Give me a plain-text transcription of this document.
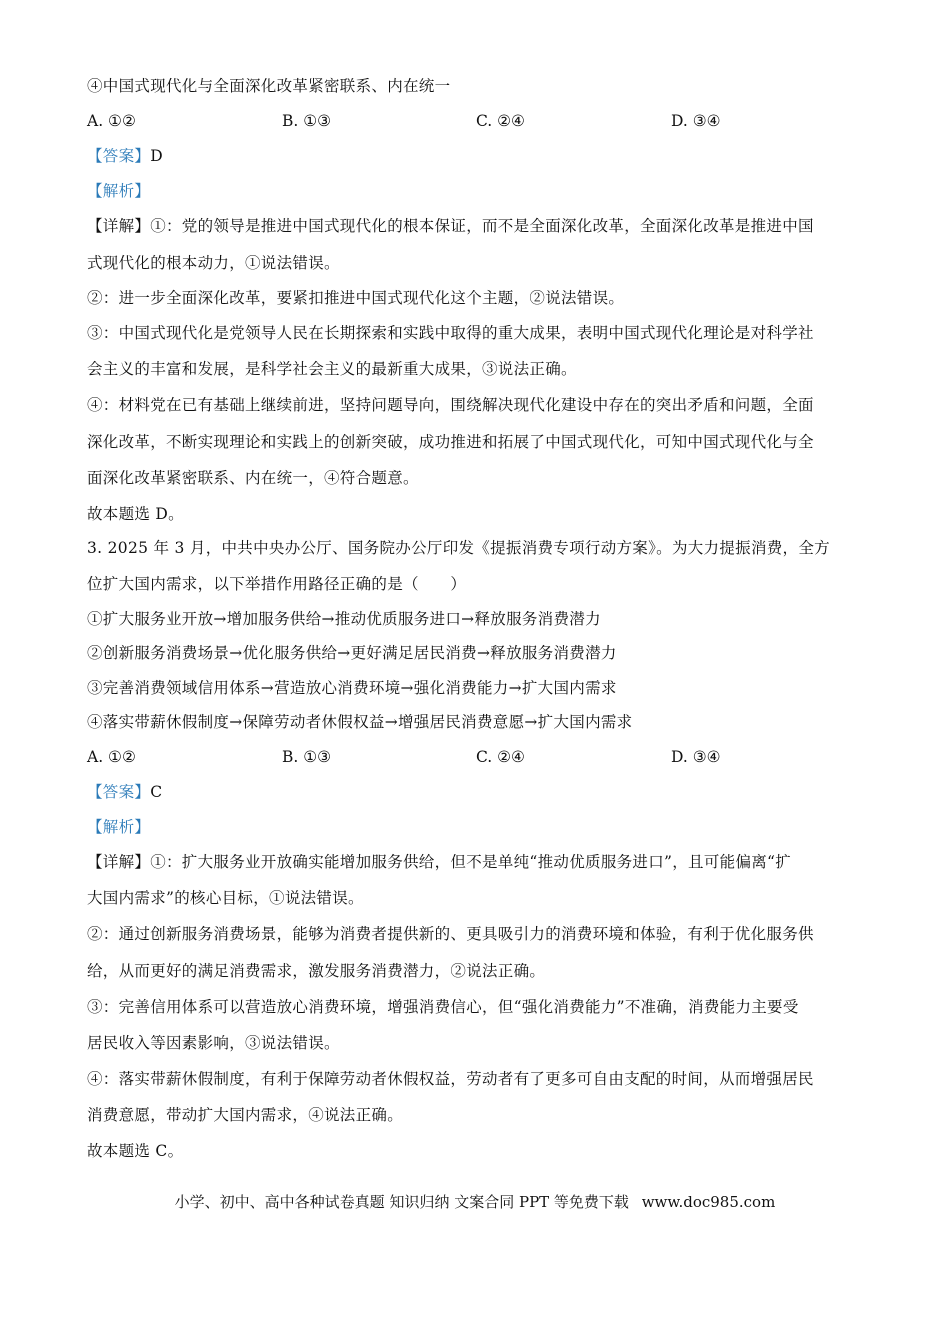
④中国式现代化与全面深化改革紧密联系、内在统一
A. ①②	B. ①③	C. ②④	D. ③④
【答案】D
【解析】
【详解】①：党的领导是推进中国式现代化的根本保证，而不是全面深化改革，全面深化改革是推进中国
式现代化的根本动力，①说法错误。
②：进一步全面深化改革，要紧扣推进中国式现代化这个主题，②说法错误。
③：中国式现代化是党领导人民在长期探索和实践中取得的重大成果，表明中国式现代化理论是对科学社
会主义的丰富和发展，是科学社会主义的最新重大成果，③说法正确。
④：材料党在已有基础上继续前进，坚持问题导向，围绕解决现代化建设中存在的突出矛盾和问题，全面
深化改革，不断实现理论和实践上的创新突破，成功推进和拓展了中国式现代化，可知中国式现代化与全
面深化改革紧密联系、内在统一，④符合题意。
故本题选 D。
3. 2025 年 3 月，中共中央办公厅、国务院办公厅印发《提振消费专项行动方案》。为大力提振消费，全方
位扩大国内需求，以下举措作用路径正确的是（　　）
①扩大服务业开放→增加服务供给→推动优质服务进口→释放服务消费潜力
②创新服务消费场景→优化服务供给→更好满足居民消费→释放服务消费潜力
③完善消费领域信用体系→营造放心消费环境→强化消费能力→扩大国内需求
④落实带薪休假制度→保障劳动者休假权益→增强居民消费意愿→扩大国内需求
A. ①②	B. ①③	C. ②④	D. ③④
【答案】C
【解析】
【详解】①：扩大服务业开放确实能增加服务供给，但不是单纯“推动优质服务进口”，且可能偏离“扩
大国内需求”的核心目标，①说法错误。
②：通过创新服务消费场景，能够为消费者提供新的、更具吸引力的消费环境和体验，有利于优化服务供
给，从而更好的满足消费需求，激发服务消费潜力，②说法正确。
③：完善信用体系可以营造放心消费环境，增强消费信心，但“强化消费能力”不准确，消费能力主要受
居民收入等因素影响，③说法错误。
④：落实带薪休假制度，有利于保障劳动者休假权益，劳动者有了更多可自由支配的时间，从而增强居民
消费意愿，带动扩大国内需求，④说法正确。
故本题选 C。
小学、初中、高中各种试卷真题 知识归纳 文案合同 PPT 等免费下载 www.doc985.com
